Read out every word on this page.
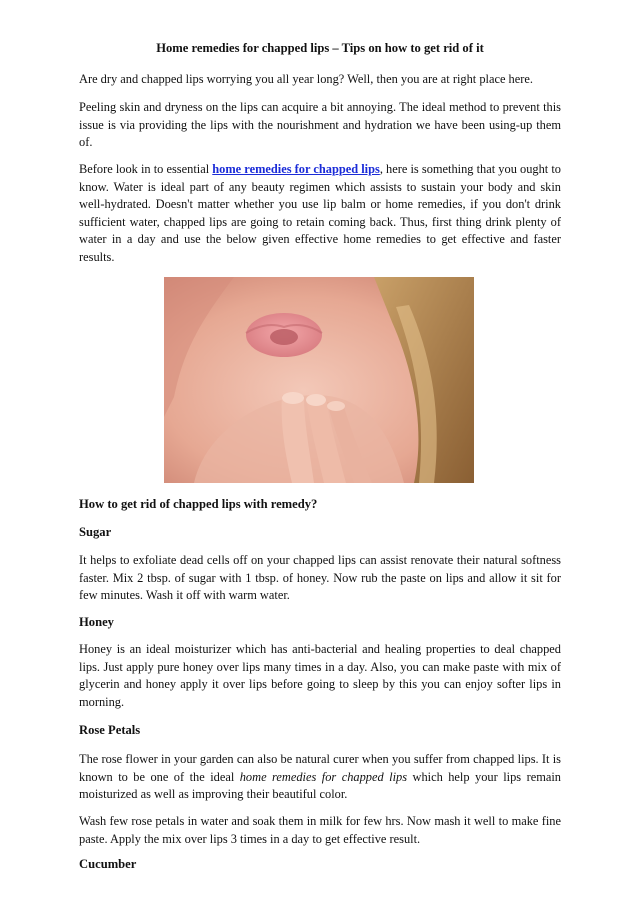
Home remedies for chapped lips – Tips on how to get rid of it

Are dry and chapped lips worrying you all year long? Well, then you are at right place here.

Peeling skin and dryness on the lips can acquire a bit annoying. The ideal method to prevent this issue is via providing the lips with the nourishment and hydration we have been using-up them of.

Before look in to essential home remedies for chapped lips, here is something that you ought to know. Water is ideal part of any beauty regimen which assists to sustain your body and skin well-hydrated. Doesn't matter whether you use lip balm or home remedies, if you don't drink sufficient water, chapped lips are going to retain coming back. Thus, first thing drink plenty of water in a day and use the below given effective home remedies to get effective and faster results.

How to get rid of chapped lips with remedy?
Sugar

It helps to exfoliate dead cells off on your chapped lips can assist renovate their natural softness faster. Mix 2 tbsp. of sugar with 1 tbsp. of honey. Now rub the paste on lips and allow it sit for few minutes. Wash it off with warm water.

Honey

Honey is an ideal moisturizer which has anti-bacterial and healing properties to deal chapped lips. Just apply pure honey over lips many times in a day. Also, you can make paste with mix of glycerin and honey apply it over lips before going to sleep by this you can enjoy softer lips in morning.

Rose Petals

The rose flower in your garden can also be natural curer when you suffer from chapped lips. It is known to be one of the ideal home remedies for chapped lips which help your lips remain moisturized as well as improving their beautiful color.

Wash few rose petals in water and soak them in milk for few hrs. Now mash it well to make fine paste. Apply the mix over lips 3 times in a day to get effective result.

Cucumber
